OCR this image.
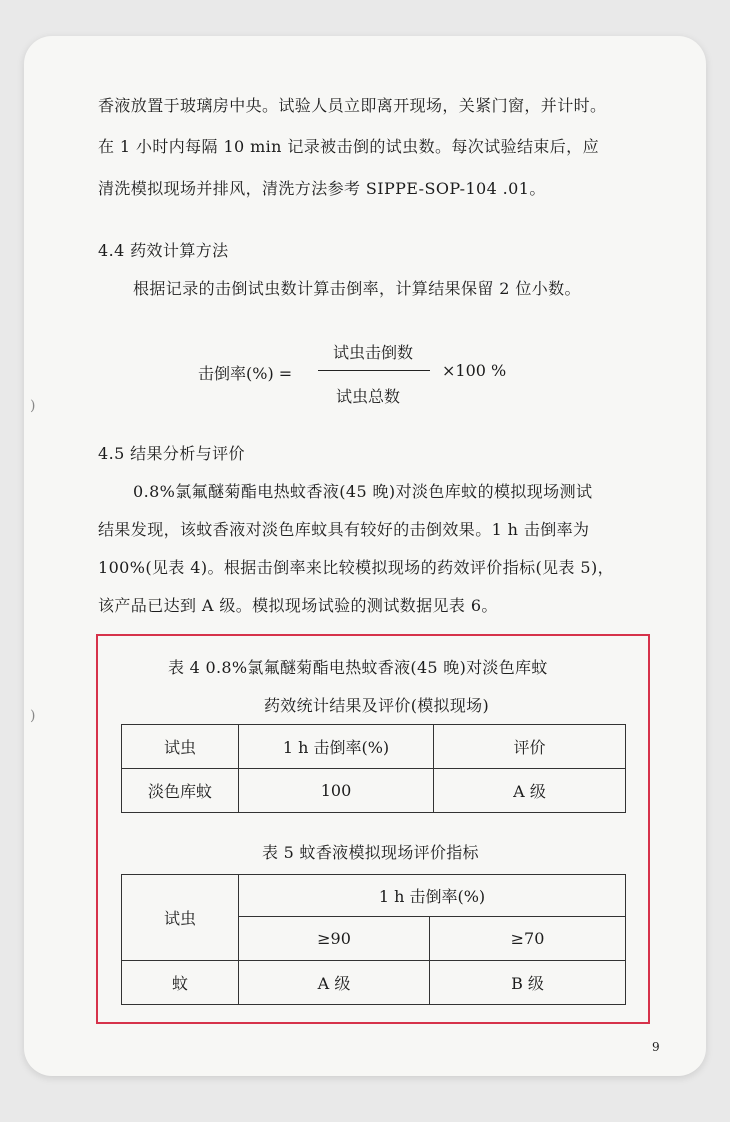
)
)
香液放置于玻璃房中央。试验人员立即离开现场，关紧门窗，并计时。
在 1 小时内每隔 10 min 记录被击倒的试虫数。每次试验结束后，应
清洗模拟现场并排风，清洗方法参考 SIPPE-SOP-104 .01。
4.4 药效计算方法
根据记录的击倒试虫数计算击倒率，计算结果保留 2 位小数。
击倒率(%) =
试虫击倒数
试虫总数
×100 %
4.5 结果分析与评价
0.8%氯氟醚菊酯电热蚊香液(45 晚)对淡色库蚊的模拟现场测试
结果发现，该蚊香液对淡色库蚊具有较好的击倒效果。1 h 击倒率为
100%(见表 4)。根据击倒率来比较模拟现场的药效评价指标(见表 5)，
该产品已达到 A 级。模拟现场试验的测试数据见表 6。
表 4 0.8%氯氟醚菊酯电热蚊香液(45 晚)对淡色库蚊
药效统计结果及评价(模拟现场)
试虫	1 h 击倒率(%)	评价
淡色库蚊	100	A 级
表 5 蚊香液模拟现场评价指标
试虫	1 h 击倒率(%)	
	≥90	≥70
蚊	A 级	B 级
9
